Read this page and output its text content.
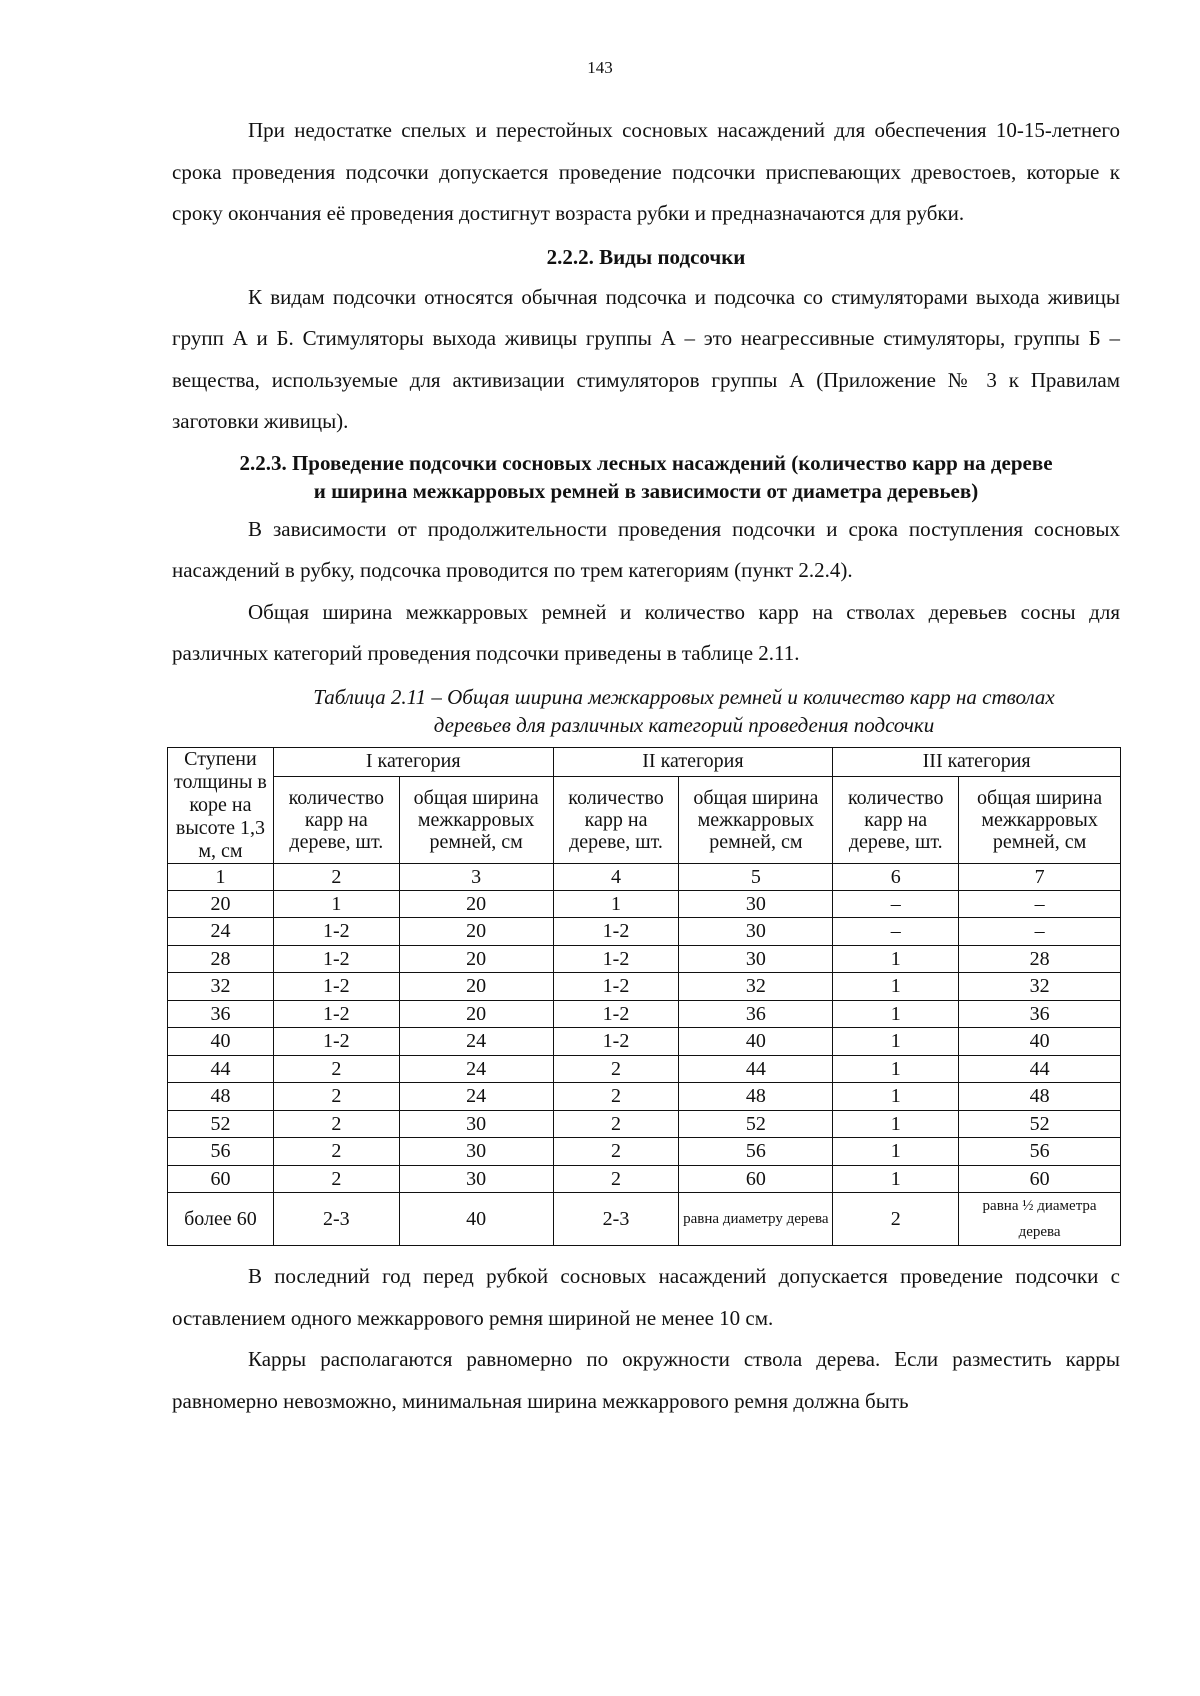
143

При недостатке спелых и перестойных сосновых насаждений для обеспечения 10-15-летнего срока проведения подсочки допускается проведение подсочки приспевающих древостоев, которые к сроку окончания её проведения достигнут возраста рубки и предназначаются для рубки.

2.2.2. Виды подсочки

К видам подсочки относятся обычная подсочка и подсочка со стимуляторами выхода живицы групп А и Б. Стимуляторы выхода живицы группы А – это неагрессивные стимуляторы, группы Б – вещества, используемые для активизации стимуляторов группы А (Приложение № 3 к Правилам заготовки живицы).

2.2.3. Проведение подсочки сосновых лесных насаждений (количество карр на дереве
и ширина межкарровых ремней в зависимости от диаметра деревьев)

В зависимости от продолжительности проведения подсочки и срока поступления сосновых насаждений в рубку, подсочка проводится по трем категориям (пункт 2.2.4).

Общая ширина межкарровых ремней и количество карр на стволах деревьев сосны для различных категорий проведения подсочки приведены в таблице 2.11.

Таблица 2.11 – Общая ширина межкарровых ремней и количество карр на стволах
деревьев для различных категорий проведения подсочки
Ступени толщины в коре на высоте 1,3 м, см	I категория		II категория		III категория	
	количество карр на дереве, шт.	общая ширина межкарровых ремней, см	количество карр на дереве, шт.	общая ширина межкарровых ремней, см	количество карр на дереве, шт.	общая ширина межкарровых ремней, см
1	2	3	4	5	6	7
20	1	20	1	30	–	–
24	1-2	20	1-2	30	–	–
28	1-2	20	1-2	30	1	28
32	1-2	20	1-2	32	1	32
36	1-2	20	1-2	36	1	36
40	1-2	24	1-2	40	1	40
44	2	24	2	44	1	44
48	2	24	2	48	1	48
52	2	30	2	52	1	52
56	2	30	2	56	1	56
60	2	30	2	60	1	60
более 60	2-3	40	2-3	равна диаметру дерева	2	равна ½ диаметра дерева

В последний год перед рубкой сосновых насаждений допускается проведение подсочки с оставлением одного межкаррового ремня шириной не менее 10 см.

Карры располагаются равномерно по окружности ствола дерева. Если разместить карры равномерно невозможно, минимальная ширина межкаррового ремня должна быть
